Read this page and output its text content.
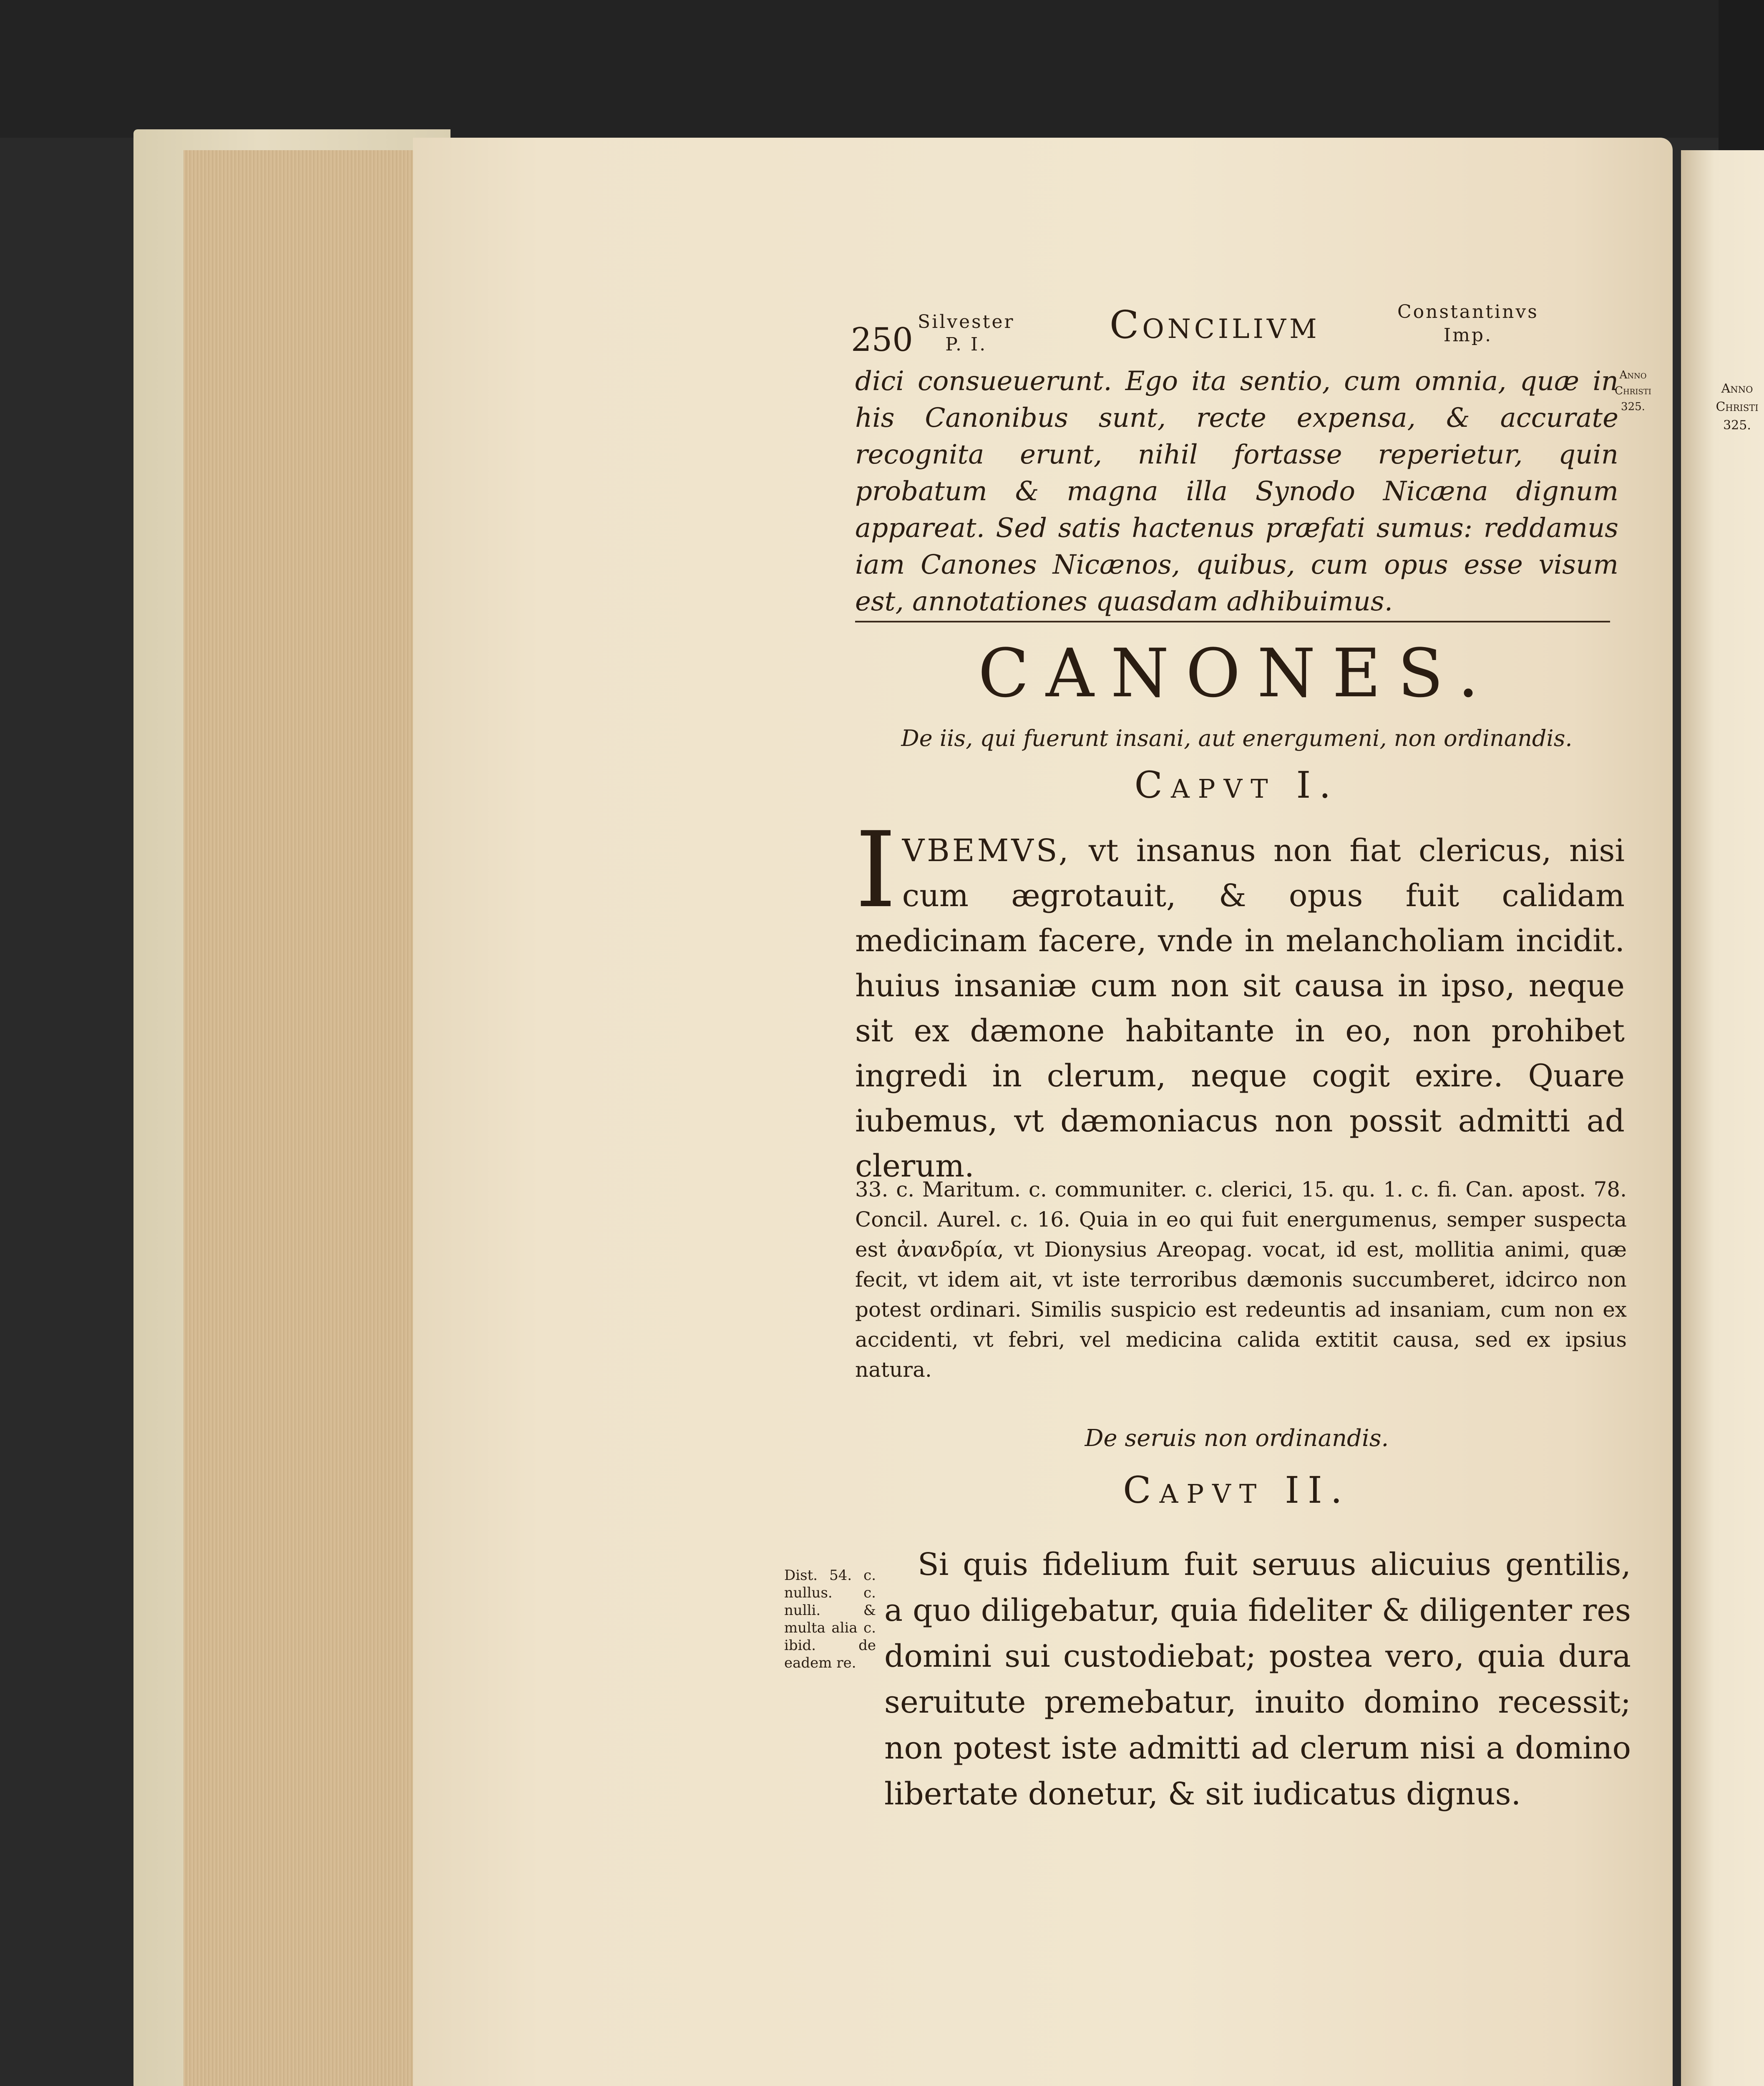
Anno Christi 325.
250 Silvester
P. I.	Concilivm	Constantinvs
Imp.
Anno Christi 325.
dici consueuerunt. Ego ita sentio, cum omnia, quæ in his Canonibus sunt, recte expensa, & accurate recognita erunt, nihil fortasse reperietur, quin probatum & magna illa Synodo Nicæna dignum appareat. Sed satis hactenus præfati sumus: reddamus iam Canones Nicænos, quibus, cum opus esse visum est, annotationes quasdam adhibuimus.
CANONES.
De iis, qui fuerunt insani, aut energumeni, non ordinandis.
Capvt I.
IVBEMVS, vt insanus non fiat clericus, nisi cum ægrotauit, & opus fuit calidam medicinam facere, vnde in melancholiam incidit. huius insaniæ cum non sit causa in ipso, neque sit ex dæmone habitante in eo, non prohibet ingredi in clerum, neque cogit exire. Quare iubemus, vt dæmoniacus non possit admitti ad clerum.
33. c. Maritum. c. communiter. c. clerici, 15. qu. 1. c. fi. Can. apost. 78. Concil. Aurel. c. 16. Quia in eo qui fuit energumenus, semper suspecta est ἀνανδρία, vt Dionysius Areopag. vocat, id est, mollitia animi, quæ fecit, vt idem ait, vt iste terroribus dæmonis succumberet, idcirco non potest ordinari. Similis suspicio est redeuntis ad insaniam, cum non ex accidenti, vt febri, vel medicina calida extitit causa, sed ex ipsius natura.
De seruis non ordinandis.
Capvt II.
Dist. 54. c. nullus. c. nulli. & multa alia c. ibid. de eadem re.
Si quis fidelium fuit seruus alicuius gentilis, a quo diligebatur, quia fideliter & diligenter res domini sui custodiebat; postea vero, quia dura seruitute premebatur, inuito domino recessit; non potest iste admitti ad clerum nisi a domino libertate donetur, & sit iudicatus dignus.
